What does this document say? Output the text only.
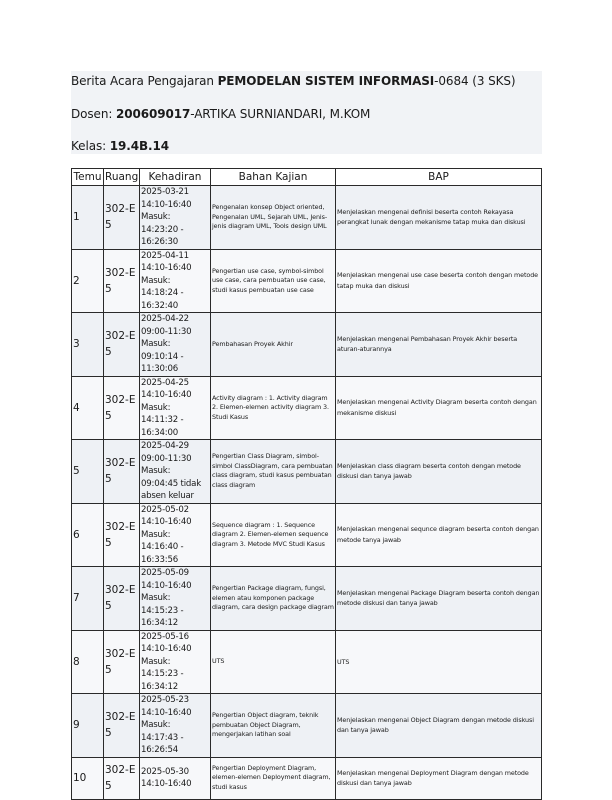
Berita Acara Pengajaran PEMODELAN SISTEM INFORMASI-0684 (3 SKS)
Dosen: 200609017-ARTIKA SURNIANDARI, M.KOM
Kelas: 19.4B.14
Temu	Ruang	Kehadiran	Bahan Kajian	BAP
1	302-E5	2025-03-21 14:10-16:40
Masuk: 14:23:20 - 16:26:30	Pengenalan konsep Object oriented, Pengenalan UML, Sejarah UML, Jenis-jenis diagram UML, Tools design UML	Menjelaskan mengenai definisi beserta contoh Rekayasa perangkat lunak dengan mekanisme tatap muka dan diskusi
2	302-E5	2025-04-11 14:10-16:40
Masuk: 14:18:24 - 16:32:40	Pengertian use case, symbol-simbol use case, cara pembuatan use case, studi kasus pembuatan use case	Menjelaskan mengenai use case beserta contoh dengan metode tatap muka dan diskusi
3	302-E5	2025-04-22 09:00-11:30
Masuk: 09:10:14 - 11:30:06	Pembahasan Proyek Akhir	Menjelaskan mengenai Pembahasan Proyek Akhir beserta aturan-aturannya
4	302-E5	2025-04-25 14:10-16:40
Masuk: 14:11:32 - 16:34:00	Activity diagram : 1. Activity diagram 2. Elemen-elemen activity diagram 3. Studi Kasus	Menjelaskan mengenai Activity Diagram beserta contoh dengan mekanisme diskusi
5	302-E5	2025-04-29 09:00-11:30
Masuk: 09:04:45 tidak absen keluar	Pengertian Class Diagram, simbol-simbol ClassDiagram, cara pembuatan class diagram, studi kasus pembuatan class diagram	Menjelaskan class diagram beserta contoh dengan metode diskusi dan tanya jawab
6	302-E5	2025-05-02 14:10-16:40
Masuk: 14:16:40 - 16:33:56	Sequence diagram : 1. Sequence diagram 2. Elemen-elemen sequence diagram 3. Metode MVC Studi Kasus	Menjelaskan mengenai sequnce diagram beserta contoh dengan metode tanya jawab
7	302-E5	2025-05-09 14:10-16:40
Masuk: 14:15:23 - 16:34:12	Pengertian Package diagram, fungsi, elemen atau komponen package diagram, cara design package diagram	Menjelaskan mengenai Package Diagram beserta contoh dengan metode diskusi dan tanya jawab
8	302-E5	2025-05-16 14:10-16:40
Masuk: 14:15:23 - 16:34:12	UTS	UTS
9	302-E5	2025-05-23 14:10-16:40
Masuk: 14:17:43 - 16:26:54	Pengertian Object diagram, teknik pembuatan Object Diagram, mengerjakan latihan soal	Menjelaskan mengenai Object Diagram dengan metode diskusi dan tanya jawab
10	302-E5	2025-05-30 14:10-16:40	Pengertian Deployment Diagram, elemen-elemen Deployment diagram, studi kasus	Menjelaskan mengenai Deployment Diagram dengan metode diskusi dan tanya jawab
